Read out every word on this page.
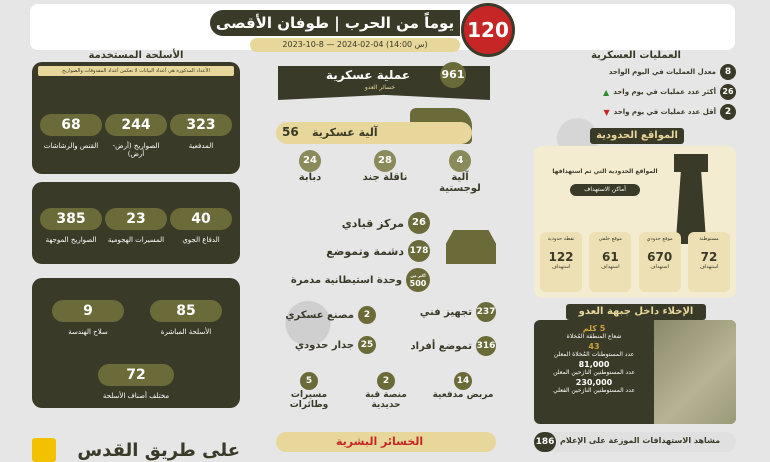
يوماً من الحرب | طوفان الأقصى 120
2023-10-8 — 2024-02-04 (س 14:00)
الأسلحة المستخدمة
الأعداد المذكورة هي أعداد البيانات لا تعكس أعداد المقذوفات والصواريخ
68
القنص والرشاشات
244
الصواريخ (أرض-أرض)
323
المدفعية
385
الصواريخ الموجهة
23
المسيرات الهجومية
40
الدفاع الجوي
85
الأسلحة المباشرة
9
سلاح الهندسة
72
مختلف أصناف الأسلحة
على طريق القدس
961
عملية عسكرية
خسائر العدو
آلية عسكرية
56
24
دبابة
28
ناقلة جند
4
آلية لوجستية
مركز قيادي 26
دشمة وتموضع 178
وحدة استيطانية مدمرة	أكثر من
500
تجهيز فني 237
مصنع عسكري	2
تموضع أفراد 316
جدار حدودي 25
5
مسيرات وطائرات
2
منصة قبة حديدية
14
مربض مدفعية
الخسائر البشرية
العمليات العسكرية
معدل العمليات في اليوم الواحد 8
▲ أكثر عدد عمليات في يوم واحد 26
▼ أقل عدد عمليات في يوم واحد 2
المواقع الحدودية
المواقع الحدودية التي تم استهدافها
أماكن الاستهداف
نقطة حدودية
122
استهداف
موقع خلفي
61
استهداف
موقع حدودي
670
استهداف
مستوطنة
72
استهداف
الإخلاء داخل جبهة العدو
5 كلم
شعاع المنطقة المُخلاة
43
عدد المستوطنات المُخلاة المعلن
81,000
عدد المستوطنين النازحين المعلن
230,000
عدد المستوطنين النازحين الفعلي
186 مشاهد الاستهدافات الموزعة على الإعلام
